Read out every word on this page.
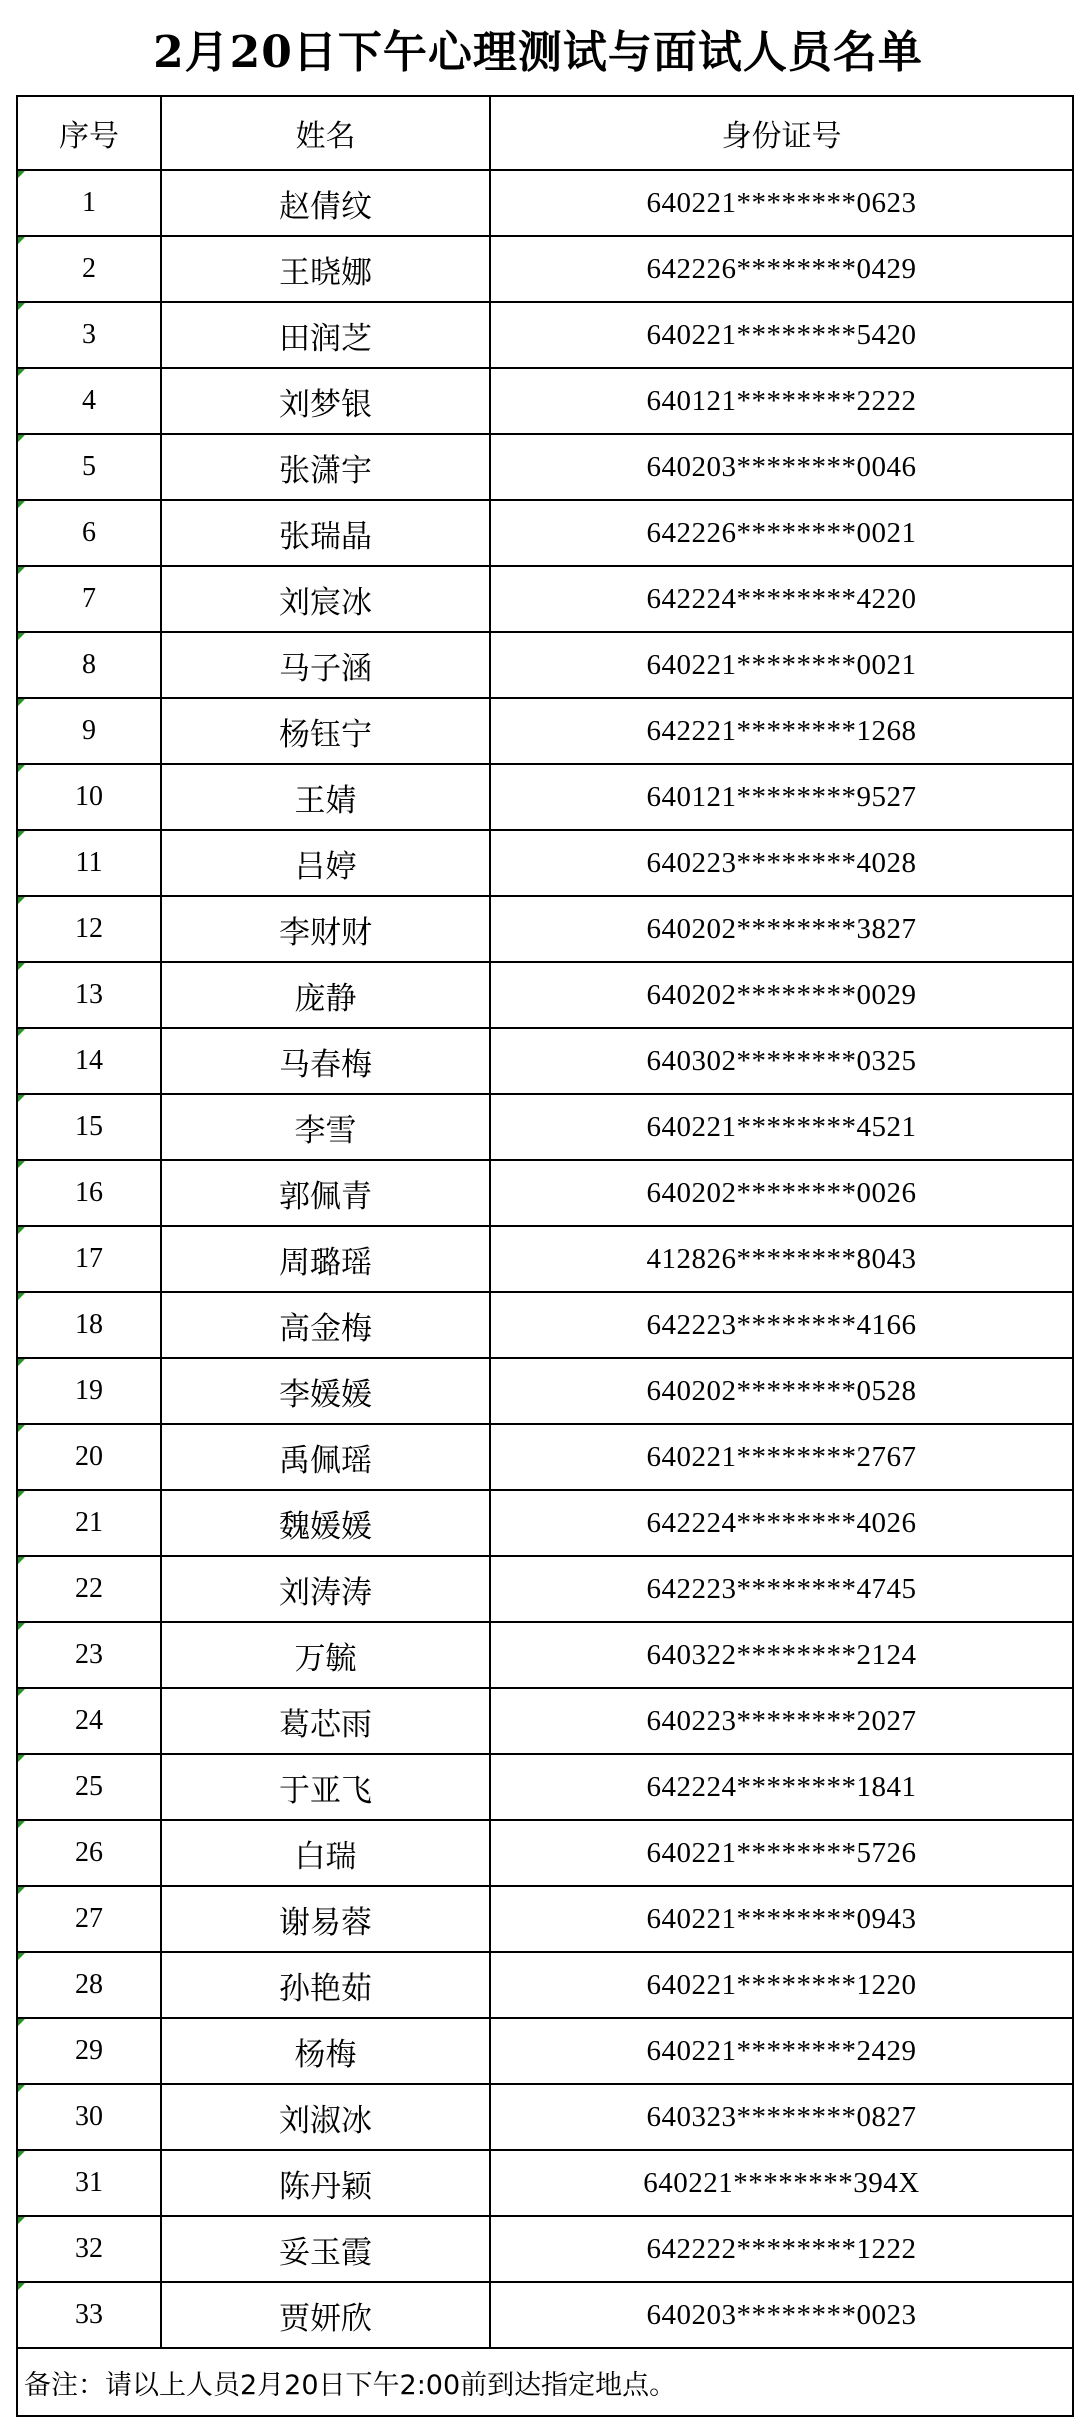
2月20日下午心理测试与面试人员名单
序号	姓名	身份证号
1	赵倩纹	640221********0623
2	王晓娜	642226********0429
3	田润芝	640221********5420
4	刘梦银	640121********2222
5	张潇宇	640203********0046
6	张瑞晶	642226********0021
7	刘宸冰	642224********4220
8	马子涵	640221********0021
9	杨钰宁	642221********1268
10	王婧	640121********9527
11	吕婷	640223********4028
12	李财财	640202********3827
13	庞静	640202********0029
14	马春梅	640302********0325
15	李雪	640221********4521
16	郭佩青	640202********0026
17	周璐瑶	412826********8043
18	高金梅	642223********4166
19	李媛媛	640202********0528
20	禹佩瑶	640221********2767
21	魏媛媛	642224********4026
22	刘涛涛	642223********4745
23	万毓	640322********2124
24	葛芯雨	640223********2027
25	于亚飞	642224********1841
26	白瑞	640221********5726
27	谢易蓉	640221********0943
28	孙艳茹	640221********1220
29	杨梅	640221********2429
30	刘淑冰	640323********0827
31	陈丹颖	640221********394X
32	妥玉霞	642222********1222
33	贾妍欣	640203********0023
备注：请以上人员2月20日下午2:00前到达指定地点。		
